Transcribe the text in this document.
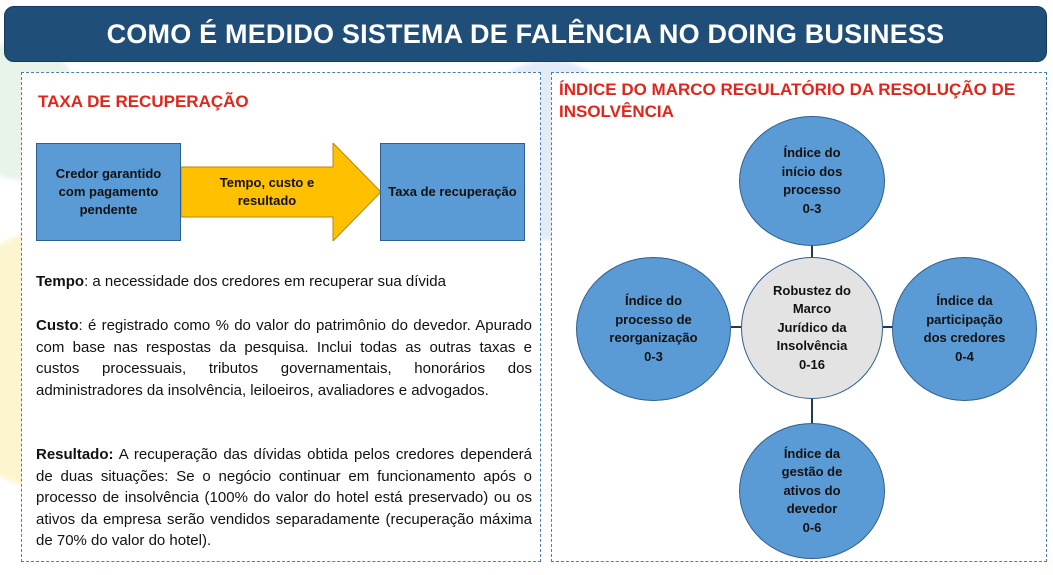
COMO É MEDIDO SISTEMA DE FALÊNCIA NO DOING BUSINESS
TAXA DE RECUPERAÇÃO
Credor garantido com pagamento pendente
Tempo, custo e resultado
Taxa de recuperação
Tempo: a necessidade dos credores em recuperar sua dívida
Custo: é registrado como % do valor do patrimônio do devedor. Apurado com base nas respostas da pesquisa. Inclui todas as outras taxas e custos processuais, tributos governamentais, honorários dos administradores da insolvência, leiloeiros, avaliadores e advogados.
Resultado: A recuperação das dívidas obtida pelos credores dependerá de duas situações: Se o negócio continuar em funcionamento após o processo de insolvência (100% do valor do hotel está preservado) ou os ativos da empresa serão vendidos separadamente (recuperação máxima de 70% do valor do hotel).
ÍNDICE DO MARCO REGULATÓRIO DA RESOLUÇÃO DE INSOLVÊNCIA
Índice do
início dos
processo
0-3
Índice do
processo de
reorganização
0-3
Robustez do
Marco
Jurídico da
Insolvência
0-16
Índice da
participação
dos credores
0-4
Índice da
gestão de
ativos do
devedor
0-6
